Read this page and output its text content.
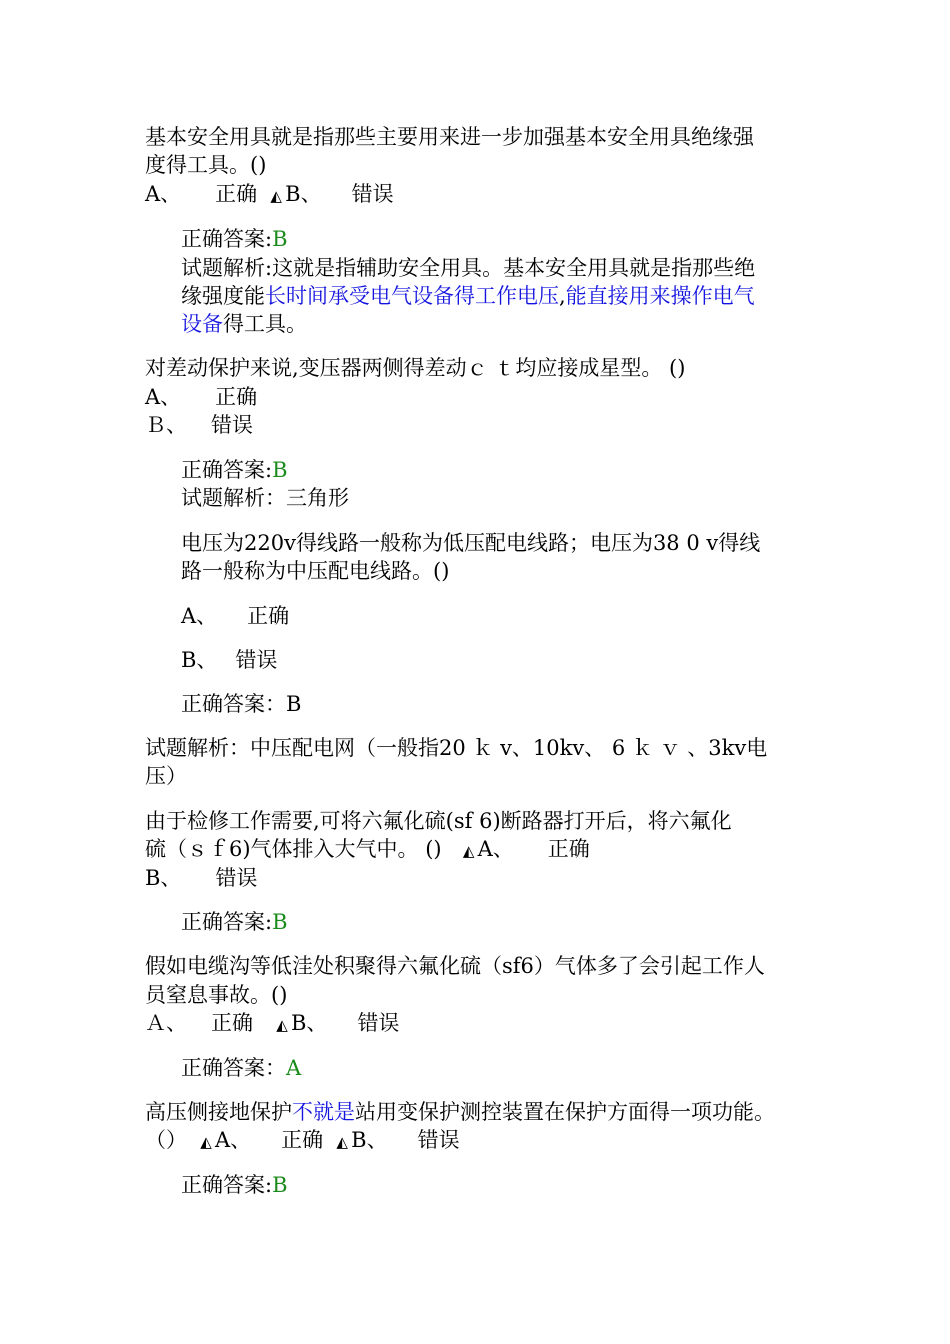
基本安全用具就是指那些主要用来进一步加强基本安全用具绝缘强
度得工具。()
A、 正确 ◭ B、 错误
正确答案:B
试题解析:这就是指辅助安全用具。基本安全用具就是指那些绝
缘强度能长时间承受电气设备得工作电压,能直接用来操作电气
设备得工具。
对差动保护来说,变压器两侧得差动ｃ ｔ均应接成星型。 ()
A、 正确
Ｂ、 错误
正确答案:B
试题解析：三角形
电压为220v得线路一般称为低压配电线路；电压为38 0 v得线
路一般称为中压配电线路。()
A、 正确
B、 错误
正确答案：B
试题解析：中压配电网（一般指20 ｋ v、10kv、 6 ｋ ｖ 、3kv电
压）
由于检修工作需要,可将六氟化硫(sf 6)断路器打开后，将六氟化
硫（ｓｆ6)气体排入大气中。 () ◭ A、 正确
B、 错误
正确答案:B
假如电缆沟等低洼处积聚得六氟化硫（sf6）气体多了会引起工作人
员窒息事故。()
Ａ、 正确 ◭ B、 错误
正确答案：A
高压侧接地保护不就是站用变保护测控装置在保护方面得一项功能。
（） ◭ A、 正确 ◭ B、 错误
正确答案:B
